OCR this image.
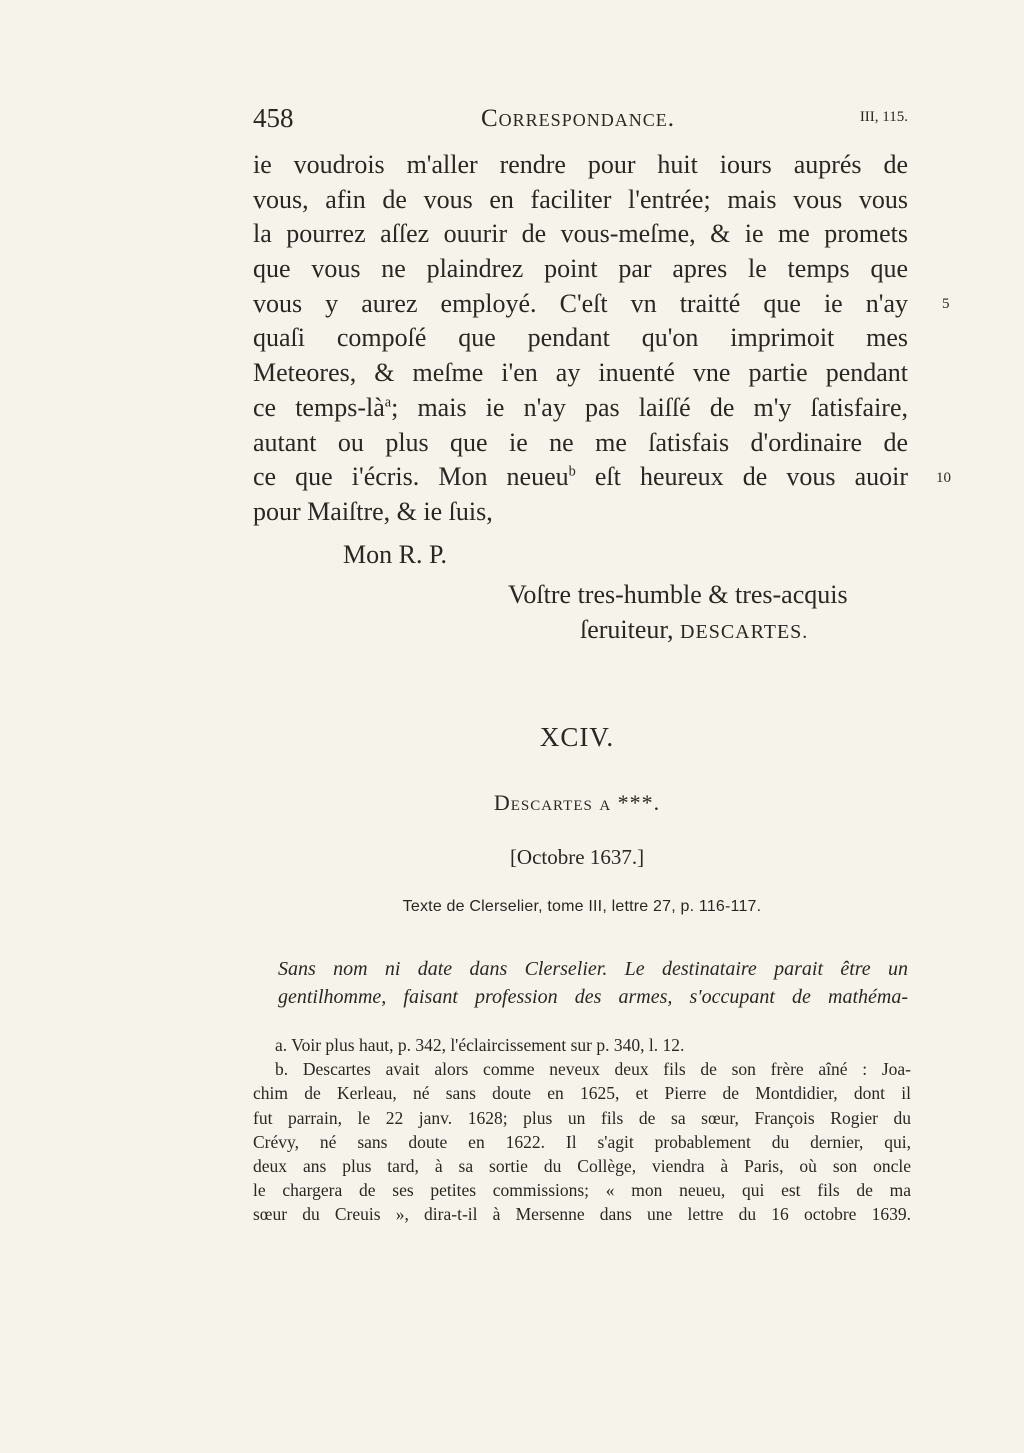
458	Correspondance.	III, 115.
ie voudrois m'aller rendre pour huit iours auprés de
vous, afin de vous en faciliter l'entrée; mais vous vous
la pourrez aſſez ouurir de vous-meſme, & ie me promets
que vous ne plaindrez point par apres le temps que
vous y aurez employé. C'eſt vn traitté que ie n'ay
quaſi compoſé que pendant qu'on imprimoit mes
Meteores, & meſme i'en ay inuenté vne partie pendant
ce temps-$là^a$; mais ie n'ay pas laiſſé de m'y ſatisfaire,
autant ou plus que ie ne me ſatisfais d'ordinaire de
ce que i'écris. Mon neueu$^b$ eſt heureux de vous auoir
pour Maiſtre, & ie ſuis,
5
10
Mon R. P.
Voſtre tres-humble & tres-acquis
ſeruiteur, DESCARTES.
XCIV.
Descartes a ***.
[Octobre 1637.]
Texte de Clerselier, tome III, lettre 27, p. 116-117.
Sans nom ni date dans Clerselier. Le destinataire parait être un
gentilhomme, faisant profession des armes, s'occupant de mathéma-
a. Voir plus haut, p. 342, l'éclaircissement sur p. 340, l. 12.
b. Descartes avait alors comme neveux deux fils de son frère aîné : Joa-
chim de Kerleau, né sans doute en 1625, et Pierre de Montdidier, dont il
fut parrain, le 22 janv. 1628; plus un fils de sa sœur, François Rogier du
Crévy, né sans doute en 1622. Il s'agit probablement du dernier, qui,
deux ans plus tard, à sa sortie du Collège, viendra à Paris, où son oncle
le chargera de ses petites commissions; « mon neueu, qui est fils de ma
sœur du Creuis », dira-t-il à Mersenne dans une lettre du 16 octobre 1639.
